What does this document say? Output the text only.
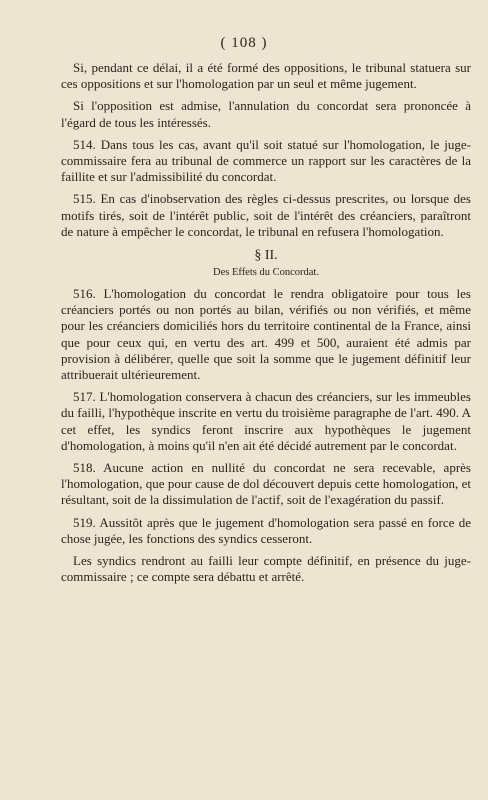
( 108 )

Si, pendant ce délai, il a été formé des oppositions, le tribunal statuera sur ces oppositions et sur l'homologation par un seul et même jugement.

Si l'opposition est admise, l'annulation du concordat sera prononcée à l'égard de tous les intéressés.

514. Dans tous les cas, avant qu'il soit statué sur l'homologation, le juge-commissaire fera au tribunal de commerce un rapport sur les caractères de la faillite et sur l'admissibilité du concordat.

515. En cas d'inobservation des règles ci-dessus prescrites, ou lorsque des motifs tirés, soit de l'intérêt public, soit de l'intérêt des créanciers, paraîtront de nature à empêcher le concordat, le tribunal en refusera l'homologation.

§ II.
Des Effets du Concordat.

516. L'homologation du concordat le rendra obligatoire pour tous les créanciers portés ou non portés au bilan, vérifiés ou non vérifiés, et même pour les créanciers domiciliés hors du territoire continental de la France, ainsi que pour ceux qui, en vertu des art. 499 et 500, auraient été admis par provision à délibérer, quelle que soit la somme que le jugement définitif leur attribuerait ultérieurement.

517. L'homologation conservera à chacun des créanciers, sur les immeubles du failli, l'hypothèque inscrite en vertu du troisième paragraphe de l'art. 490. A cet effet, les syndics feront inscrire aux hypothèques le jugement d'homologation, à moins qu'il n'en ait été décidé autrement par le concordat.

518. Aucune action en nullité du concordat ne sera recevable, après l'homologation, que pour cause de dol découvert depuis cette homologation, et résultant, soit de la dissimulation de l'actif, soit de l'exagération du passif.

519. Aussitôt après que le jugement d'homologation sera passé en force de chose jugée, les fonctions des syndics cesseront.

Les syndics rendront au failli leur compte définitif, en présence du juge-commissaire ; ce compte sera débattu et arrêté.
